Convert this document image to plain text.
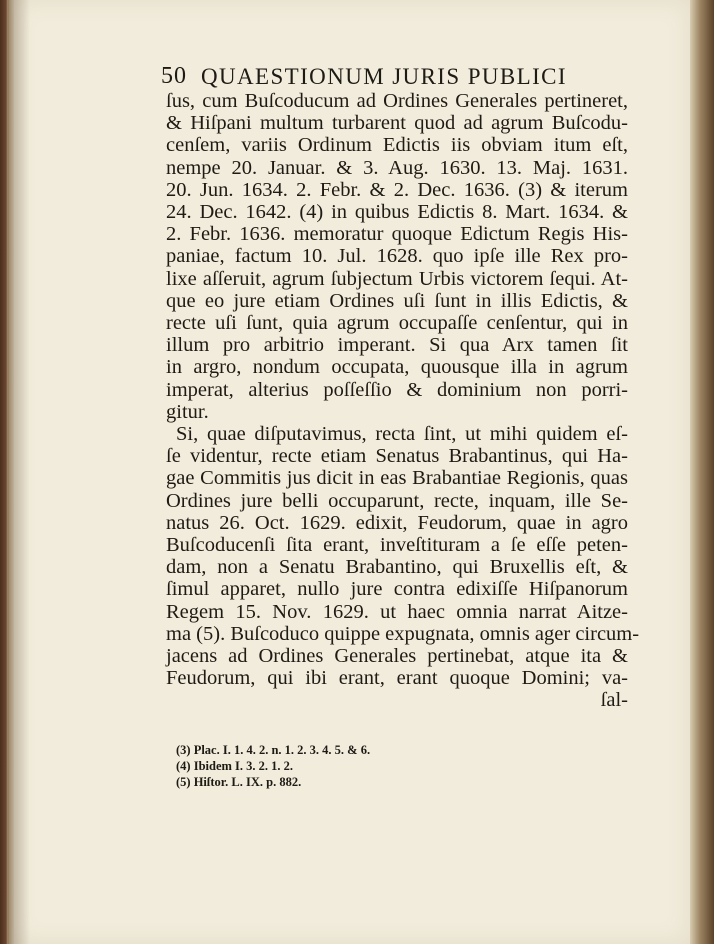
50 QUAESTIONUM JURIS PUBLICI
ſus, cum Buſcoducum ad Ordines Generales pertineret,
& Hiſpani multum turbarent quod ad agrum Buſcodu-
cenſem, variis Ordinum Edictis iis obviam itum eſt,
nempe 20. Januar. & 3. Aug. 1630. 13. Maj. 1631.
20. Jun. 1634. 2. Febr. & 2. Dec. 1636. (3) & iterum
24. Dec. 1642. (4) in quibus Edictis 8. Mart. 1634. &
2. Febr. 1636. memoratur quoque Edictum Regis His-
paniae, factum 10. Jul. 1628. quo ipſe ille Rex pro-
lixe aſſeruit, agrum ſubjectum Urbis victorem ſequi. At-
que eo jure etiam Ordines uſi ſunt in illis Edictis, &
recte uſi ſunt, quia agrum occupaſſe cenſentur, qui in
illum pro arbitrio imperant. Si qua Arx tamen ſit
in argro, nondum occupata, quousque illa in agrum
imperat, alterius poſſeſſio & dominium non porri-
gitur.
Si, quae diſputavimus, recta ſint, ut mihi quidem eſ-
ſe videntur, recte etiam Senatus Brabantinus, qui Ha-
gae Commitis jus dicit in eas Brabantiae Regionis, quas
Ordines jure belli occuparunt, recte, inquam, ille Se-
natus 26. Oct. 1629. edixit, Feudorum, quae in agro
Buſcoducenſi ſita erant, inveſtituram a ſe eſſe peten-
dam, non a Senatu Brabantino, qui Bruxellis eſt, &
ſimul apparet, nullo jure contra edixiſſe Hiſpanorum
Regem 15. Nov. 1629. ut haec omnia narrat Aitze-
ma (5). Buſcoduco quippe expugnata, omnis ager circum-
jacens ad Ordines Generales pertinebat, atque ita &
Feudorum, qui ibi erant, erant quoque Domini; va-
ſal-
(3) Plac. I. 1. 4. 2. n. 1. 2. 3. 4. 5. & 6.
(4) Ibidem I. 3. 2. 1. 2.
(5) Hiſtor. L. IX. p. 882.
